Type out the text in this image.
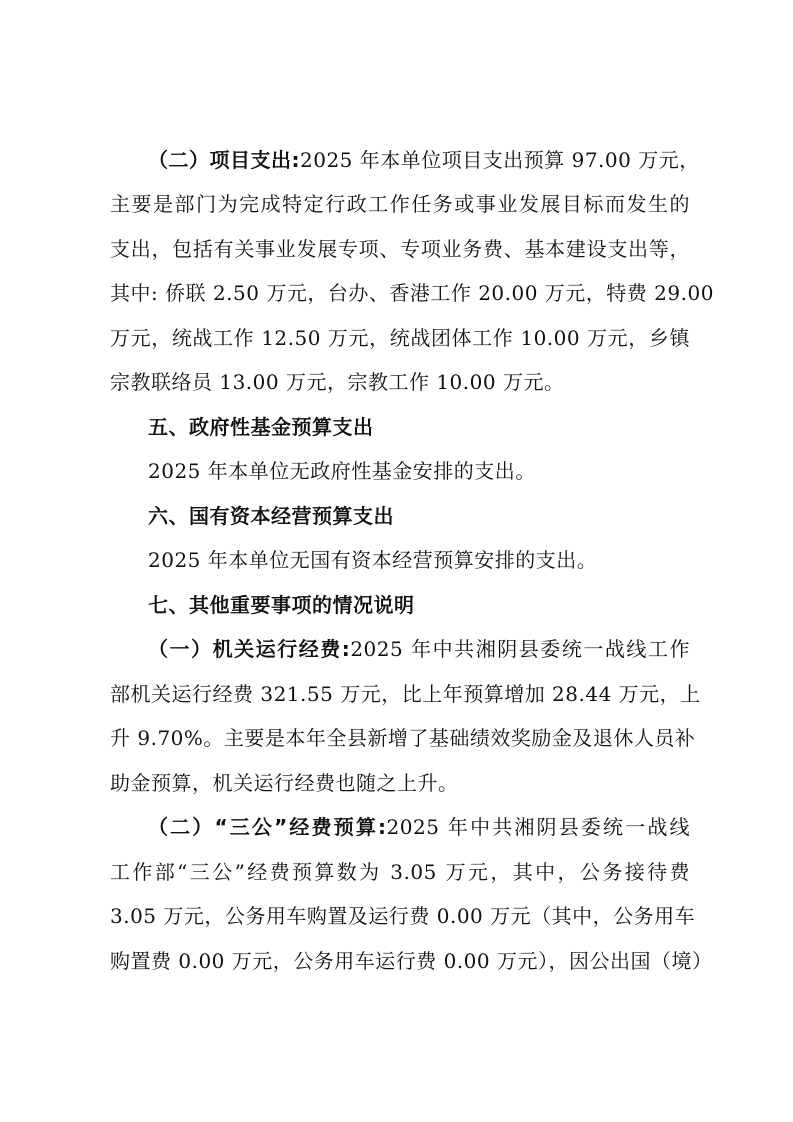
（二）项目支出:2025 年本单位项目支出预算 97.00 万元，
主要是部门为完成特定行政工作任务或事业发展目标而发生的
支出，包括有关事业发展专项、专项业务费、基本建设支出等，
其中: 侨联 2.50 万元，台办、香港工作 20.00 万元，特费 29.00
万元，统战工作 12.50 万元，统战团体工作 10.00 万元，乡镇
宗教联络员 13.00 万元，宗教工作 10.00 万元。
五、政府性基金预算支出
2025 年本单位无政府性基金安排的支出。
六、国有资本经营预算支出
2025 年本单位无国有资本经营预算安排的支出。
七、其他重要事项的情况说明
（一）机关运行经费:2025 年中共湘阴县委统一战线工作
部机关运行经费 321.55 万元，比上年预算增加 28.44 万元，上
升 9.70%。主要是本年全县新增了基础绩效奖励金及退休人员补
助金预算，机关运行经费也随之上升。
（二）“三公”经费预算:2025 年中共湘阴县委统一战线
工作部“三公”经费预算数为 3.05 万元，其中，公务接待费
3.05 万元，公务用车购置及运行费 0.00 万元（其中，公务用车
购置费 0.00 万元，公务用车运行费 0.00 万元），因公出国（境）
